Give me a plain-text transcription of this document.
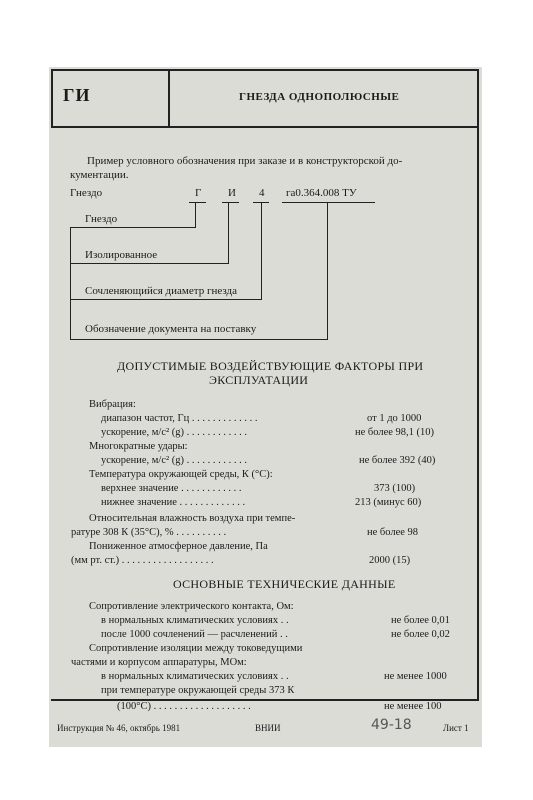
ГИ	ГНЕЗДА ОДНОПОЛЮСНЫЕ
Пример условного обозначения при заказе и в конструкторской до-
кументации.
Гнездо	Г И 4 га0.364.008 ТУ
Гнездо
Изолированное
Сочленяющийся диаметр гнезда
Обозначение документа на поставку
ДОПУСТИМЫЕ ВОЗДЕЙСТВУЮЩИЕ ФАКТОРЫ ПРИ
ЭКСПЛУАТАЦИИ
Вибрация:
диапазон частот, Гц . . . . . . . . . . . . .	от 1 до 1000
ускорение, м/с² (g) . . . . . . . . . . . .	не более 98,1 (10)
Многократные удары:
ускорение, м/с² (g) . . . . . . . . . . . .	не более 392 (40)
Температура окружающей среды, К (°С):
верхнее значение . . . . . . . . . . . .	373 (100)
нижнее значение . . . . . . . . . . . . .	213 (минус 60)
Относительная влажность воздуха при темпе-
ратуре 308 К (35°С), % . . . . . . . . . .	не более 98
Пониженное атмосферное давление, Па
(мм рт. ст.) . . . . . . . . . . . . . . . . . .	2000 (15)
ОСНОВНЫЕ ТЕХНИЧЕСКИЕ ДАННЫЕ
Сопротивление электрического контакта, Ом:
в нормальных климатических условиях . .	не более 0,01
после 1000 сочленений — расчленений . .	не более 0,02
Сопротивление изоляции между токоведущими
частями и корпусом аппаратуры, МОм:
в нормальных климатических условиях . .	не менее 1000
при температуре окружающей среды 373 К
(100°С) . . . . . . . . . . . . . . . . . . .	не менее 100
Инструкция № 46, октябрь 1981	ВНИИ	49-18	Лист 1
